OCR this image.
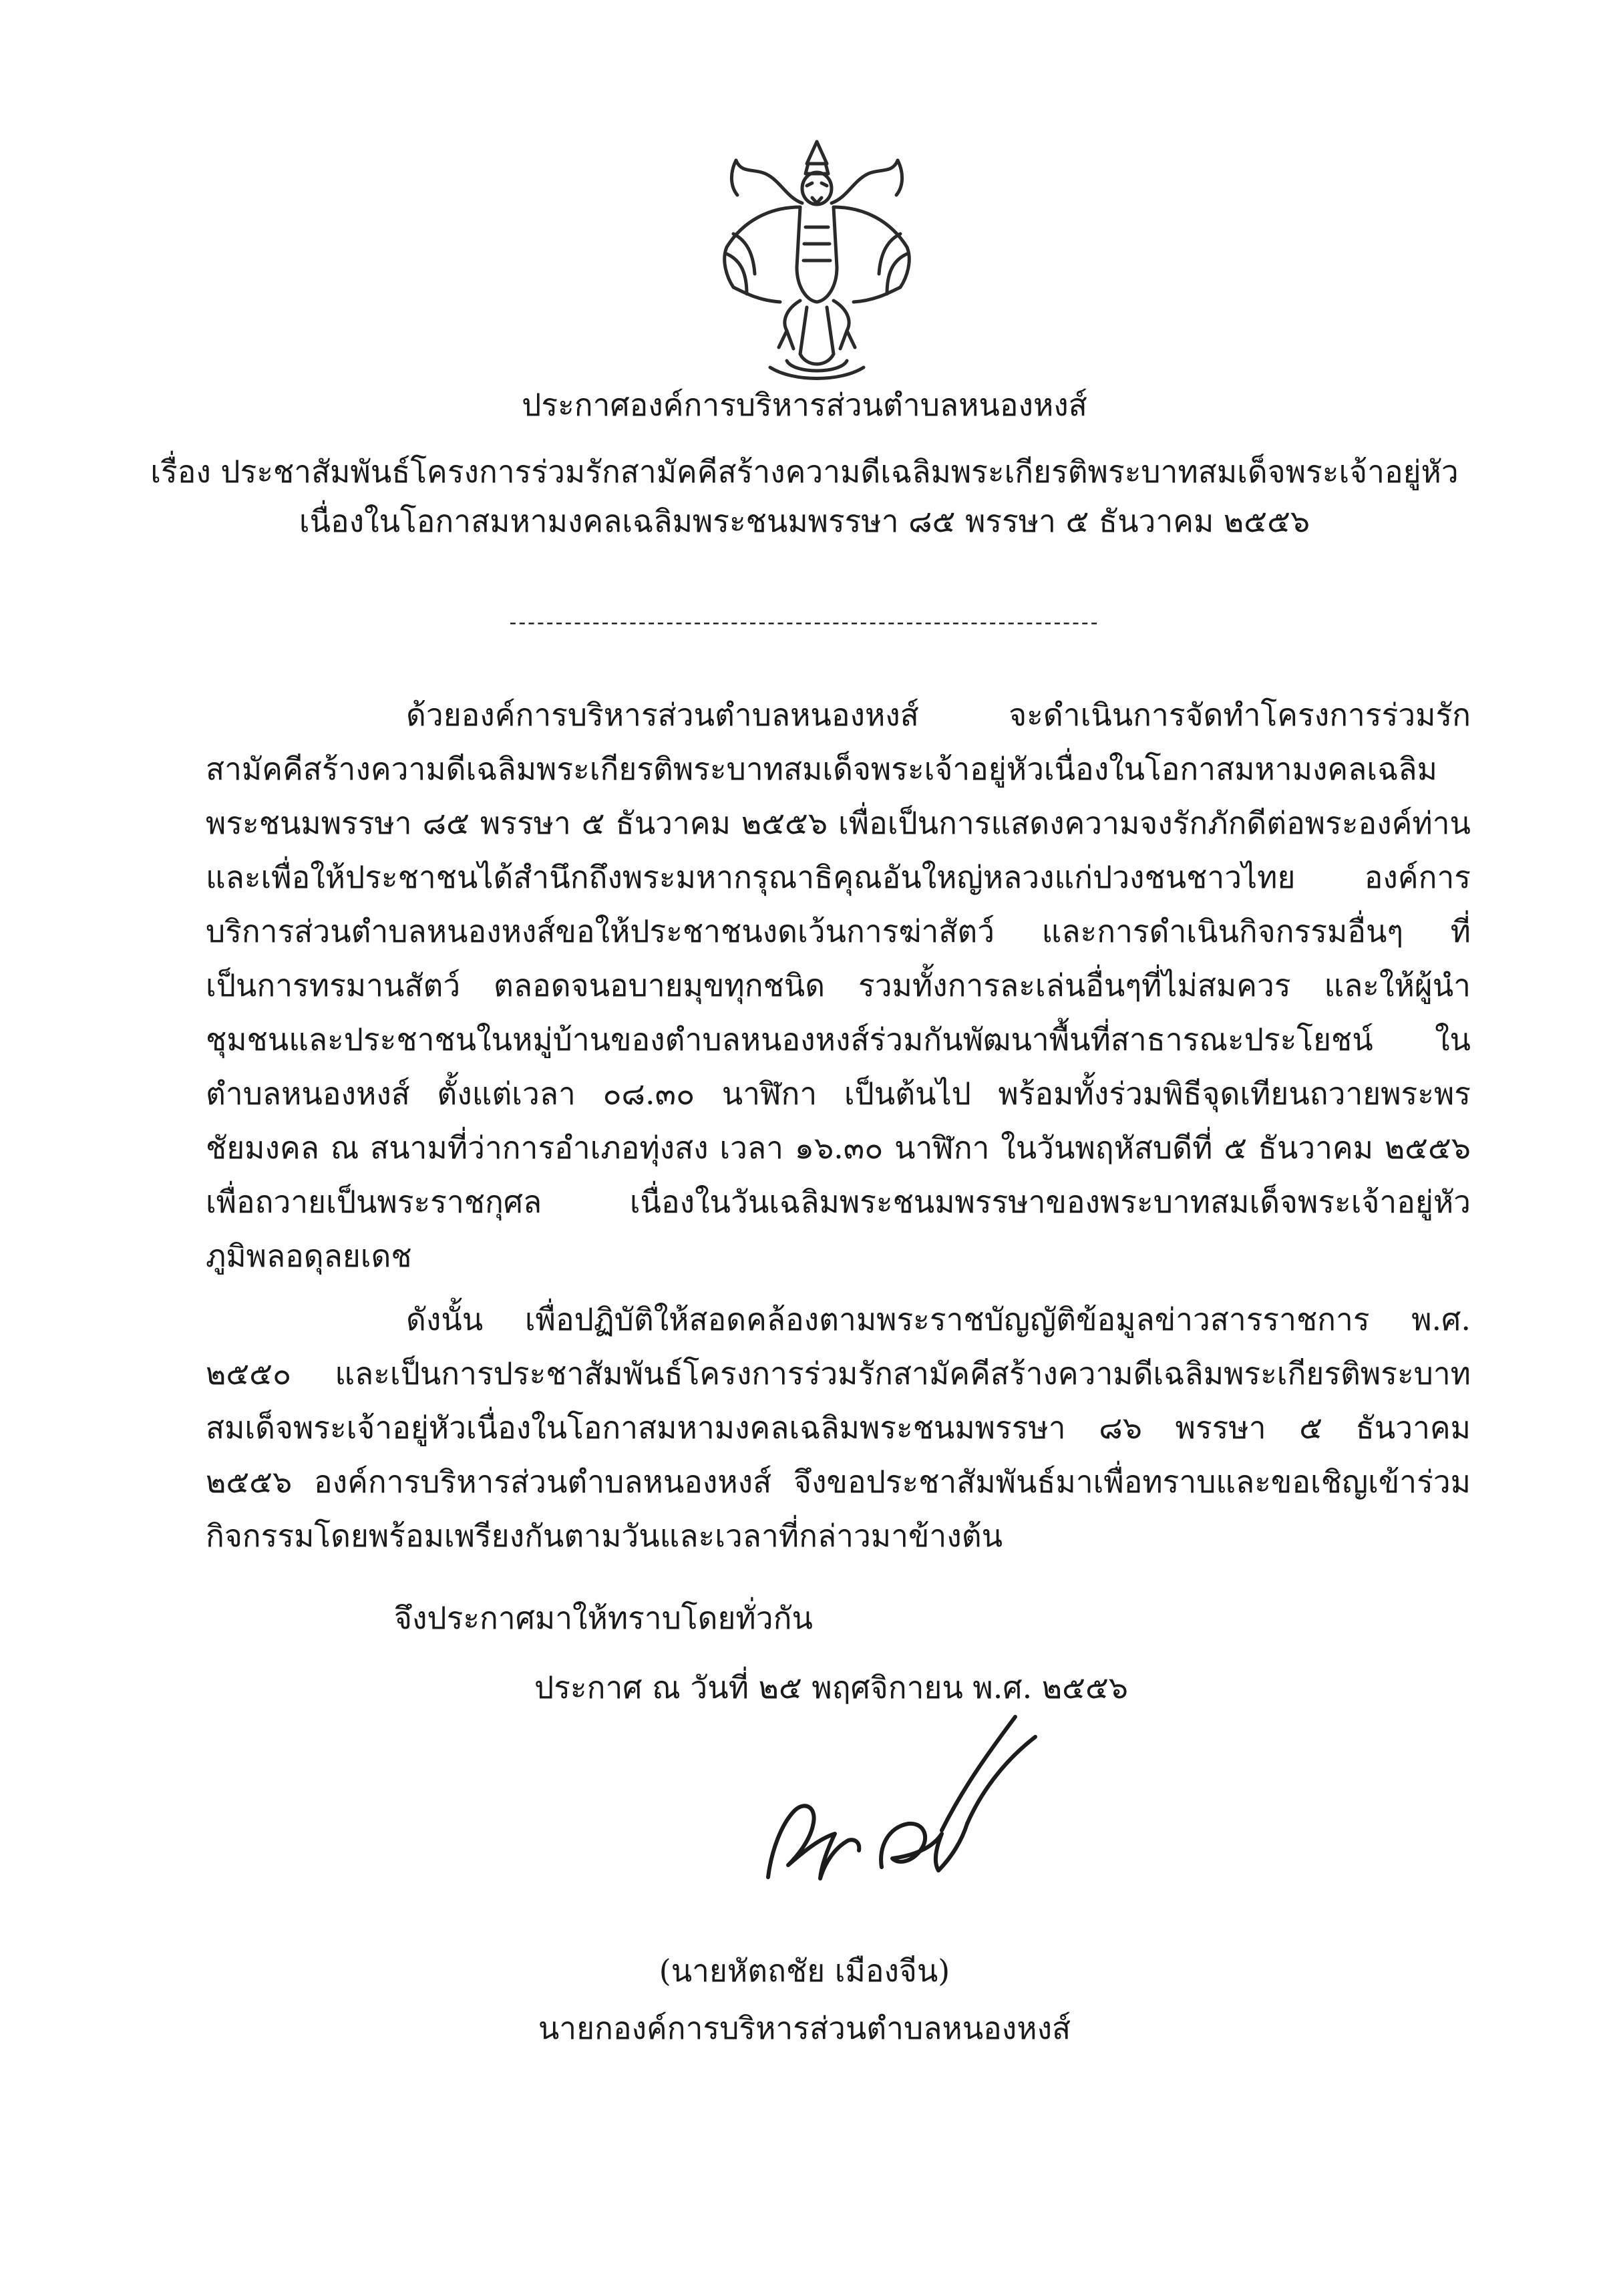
ประกาศองค์การบริหารส่วนตำบลหนองหงส์
เรื่อง ประชาสัมพันธ์โครงการร่วมรักสามัคคีสร้างความดีเฉลิมพระเกียรติพระบาทสมเด็จพระเจ้าอยู่หัว
เนื่องในโอกาสมหามงคลเฉลิมพระชนมพรรษา ๘๕ พรรษา ๕ ธันวาคม ๒๕๕๖
----------------------------------------------------------------

ด้วยองค์การบริหารส่วนตำบลหนองหงส์ จะดำเนินการจัดทำโครงการร่วมรักสามัคคีสร้างความดีเฉลิมพระเกียรติพระบาทสมเด็จพระเจ้าอยู่หัวเนื่องในโอกาสมหามงคลเฉลิมพระชนมพรรษา ๘๕ พรรษา ๕ ธันวาคม ๒๕๕๖ เพื่อเป็นการแสดงความจงรักภักดีต่อพระองค์ท่านและเพื่อให้ประชาชนได้สำนึกถึงพระมหากรุณาธิคุณอันใหญ่หลวงแก่ปวงชนชาวไทย องค์การบริการส่วนตำบลหนองหงส์ขอให้ประชาชนงดเว้นการฆ่าสัตว์ และการดำเนินกิจกรรมอื่นๆ ที่เป็นการทรมานสัตว์ ตลอดจนอบายมุขทุกชนิด รวมทั้งการละเล่นอื่นๆที่ไม่สมควร และให้ผู้นำชุมชนและประชาชนในหมู่บ้านของตำบลหนองหงส์ร่วมกันพัฒนาพื้นที่สาธารณะประโยชน์ ในตำบลหนองหงส์ ตั้งแต่เวลา ๐๘.๓๐ นาฬิกา เป็นต้นไป พร้อมทั้งร่วมพิธีจุดเทียนถวายพระพรชัยมงคล ณ สนามที่ว่าการอำเภอทุ่งสง เวลา ๑๖.๓๐ นาฬิกา ในวันพฤหัสบดีที่ ๕ ธันวาคม ๒๕๕๖ เพื่อถวายเป็นพระราชกุศล เนื่องในวันเฉลิมพระชนมพรรษาของพระบาทสมเด็จพระเจ้าอยู่หัวภูมิพลอดุลยเดช

ดังนั้น เพื่อปฏิบัติให้สอดคล้องตามพระราชบัญญัติข้อมูลข่าวสารราชการ พ.ศ. ๒๕๕๐ และเป็นการประชาสัมพันธ์โครงการร่วมรักสามัคคีสร้างความดีเฉลิมพระเกียรติพระบาทสมเด็จพระเจ้าอยู่หัวเนื่องในโอกาสมหามงคลเฉลิมพระชนมพรรษา ๘๖ พรรษา ๕ ธันวาคม ๒๕๕๖ องค์การบริหารส่วนตำบลหนองหงส์ จึงขอประชาสัมพันธ์มาเพื่อทราบและขอเชิญเข้าร่วมกิจกรรมโดยพร้อมเพรียงกันตามวันและเวลาที่กล่าวมาข้างต้น

จึงประกาศมาให้ทราบโดยทั่วกัน
ประกาศ ณ วันที่ ๒๕ พฤศจิกายน พ.ศ. ๒๕๕๖
(นายหัตถชัย เมืองจีน)
นายกองค์การบริหารส่วนตำบลหนองหงส์
